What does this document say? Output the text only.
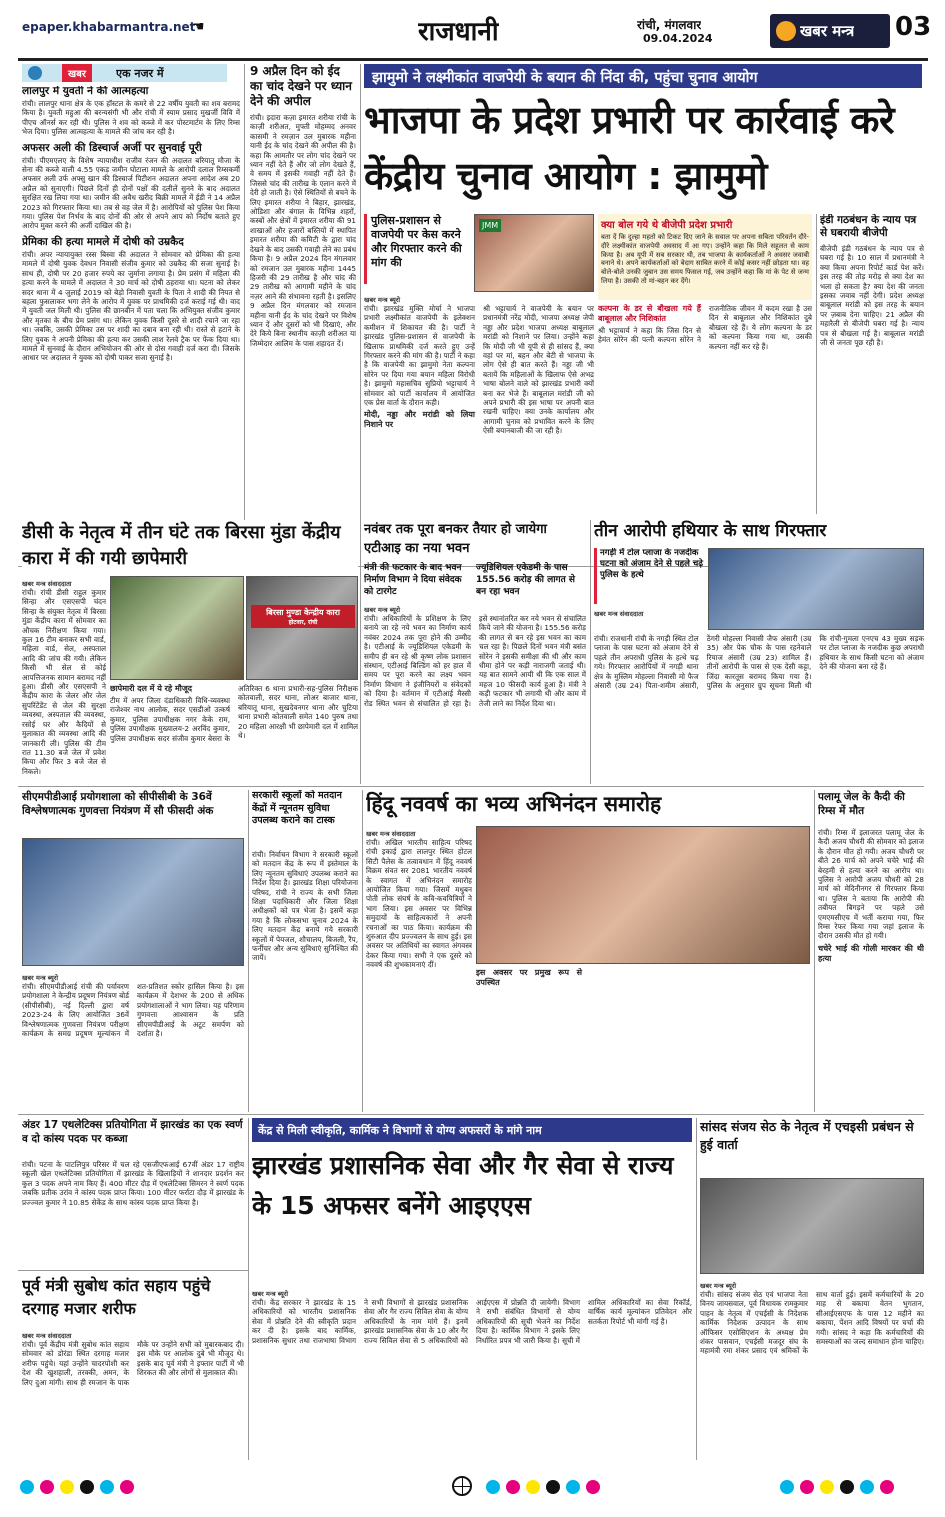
epaper.khabarmantra.net
☚	राजधानी	रांची, मंगलवार
09.04.2024	खबर मन्त्र 03
खबर	एक नजर में
लालपुर में युवती ने की आत्महत्या
रांची। लालपुर थाना क्षेत्र के एक हॉस्टल के कमरे से 22 वर्षीय युवती का शव बरामद किया है। युवती महुआ की बरन्यसंगी भी और रांची में स्याम प्रसाद मुखर्जी विवि में पीएच ऑनर्स कर रही थी। पुलिस ने शव को कब्जे में कर पोस्टमार्टम के लिए रिम्स भेज दिया। पुलिस आत्महत्या के मामले की जांच कर रही है।
अफसर अली की डिस्चार्ज अर्जी पर सुनवाई पूरी
रांची। पीएमएलए के विशेष न्यायाधीश राजीव रंजन की अदालत बरियातू मौजा के सेना की कब्जे वाली 4.55 एकड़ जमीन घोटाला मामले के आरोपी दलाल रिम्सकर्मी अफसर अली उर्फ अफ्सु खान की डिस्चार्ज पिटीशन अदालत अपना आदेश अब 20 अप्रैल को सुनाएगी। पिछले दिनों ही दोनों पक्षों की दलीलें सुनने के बाद अदालत सुरक्षित रख लिया गया था। जमीन की अवैध खरीद बिक्री मामले में ईडी ने 14 अप्रैल 2023 को गिरफ्तार किया था। तब से वह जेल में है। आरोपियों को पुलिस पेश किया गया। पुलिस पेश निर्भय के बाद दोनों की ओर से अपने आप को निर्दोष बताते हुए आरोप मुक्त करने की अर्जी दाखिल की है।
प्रेमिका की हत्या मामले में दोषी को उम्रकैद
रांची। अपर न्यायायुक्त रस्स बिस्वा की अदालत ने सोमवार को प्रेमिका की हत्या मामले में दोषी युवक देवधन निवासी संजीव कुमार को उम्रकैद की सजा सुनाई है। साथ ही, दोषी पर 20 हजार रुपये का जुर्माना लगाया है। प्रेम प्रसंग में महिला की हत्या करने के मामले में अदालत ने 30 मार्च को दोषी ठहराया था। घटना को लेकर सदर थाना में 4 जुलाई 2019 को बेड़ो निवासी युवती के पिता ने शादी की नियत से बहला फुसलाकर भगा लेने के आरोप में युवक पर प्राथमिकी दर्ज कराई गई थी। वाद में युवती जल मिली थी। पुलिस की छानबीन में पता चला कि अभियुक्त संजीव कुमार और मृतका के बीच प्रेम प्रसंग था। लेकिन युवक किसी दूसरे से शादी रचाने जा रहा था। जबकि, उसकी प्रेमिका उस पर शादी का दबाव बना रही थी। रास्ते से हटाने के लिए युवक ने अपनी प्रेमिका की हत्या कर उसकी लाश रेलवे ट्रैक पर फेंक दिया था। मामले में सुनवाई के दौरान अभियोजन की ओर से दोस गवाही दर्ज करा दी। जिसके आधार पर अदालत ने युवक को दोषी पाकर सजा सुनाई है।
9 अप्रैल दिन को ईद का चांद देखने पर ध्यान देने की अपील
रांची। इदारा कज़ा इमारत शरीया रांची के काज़ी शरीअत, मुफ्ती मोहम्मद अनवर कासमी ने रमज़ान उल मुबारक महीना यानी ईद के चांद देखने की अपील की है। कहा कि आमतौर पर लोग चांद देखने पर ध्यान नहीं देते हैं और जो लोग देखते हैं, वे समय में इसकी गवाही नहीं देते हैं। जिससे चांद की तारीख के एलान करने में देरी हो जाती है। ऐसे स्थितियों से बचने के लिए इमारत शरीया ने बिहार, झारखंड, ओडिशा और बंगाल के विभिन्न शहरों, कस्बों और क्षेत्रों में इमारत शरीया की 91 शाखाओं और हजारों बस्तियों में स्थापित इमारत शरीया की कमिटी के द्वारा चांद देखने के बाद उसकी गवाही लेने का प्रबंध किया है। 9 अप्रैल 2024 दिन मंगलवार को रमजान उल मुबारक महीना 1445 हिजरी की 29 तारीख है और चांद की 29 तारीख को आगामी महीने के चांद नज़र आने की संभावना रहती है। इसलिए 9 अप्रैल दिन मंगलवार को रमजान महीना यानी ईद के चांद देखने पर विशेष ध्यान दें और दूसरों को भी दिखाएं, और देरे किये बिना स्थानीय काज़ी शरीअत या जिम्मेदार आलिम के पास शहादत दें।
झामुमो ने लक्ष्मीकांत वाजपेयी के बयान की निंदा की, पहुंचा चुनाव आयोग
भाजपा के प्रदेश प्रभारी पर कार्रवाई करे केंद्रीय चुनाव आयोग : झामुमो
पुलिस-प्रशासन से वाजपेयी पर केस करने और गिरफ्तार करने की मांग की
JMM
खबर मन्त्र ब्यूरो
रांची। झारखंड मुक्ति मोर्चा ने भाजपा प्रभारी लक्ष्मीकांत वाजपेयी के इलेक्शन कमीशन में शिकायत की है। पार्टी ने झारखंड पुलिस-प्रशासन से वाजपेयी के खिलाफ प्राथमिकी दर्ज करते हुए उन्हें गिरफ्तार करने की मांग की है। पार्टी ने कहा है कि वाजपेयी का झामुमो नेता कल्पना सोरेन पर दिया गया बयान महिला विरोधी है। झामुमो महासचिव सुप्रियो भट्टाचार्य ने सोमवार को पार्टी कार्यालय में आयोजित एक प्रेस वार्ता के दौरान कही।
मोदी, नड्डा और मरांडी को लिया निशाने पर
श्री भट्टाचार्य ने वाजपेयी के बयान पर प्रधानमंत्री नरेंद्र मोदी, भाजपा अध्यक्ष जेपी नड्डा और प्रदेश भाजपा अध्यक्ष बाबूलाल मरांडी को निशाने पर लिया। उन्होंने कहा कि मोदी जी भी यूपी से ही सांसद हैं, क्या वहां पर मां, बहन और बेटी से भाजपा के लोग ऐसे ही बात करते हैं। नड्डा जी भी बतायें कि महिलाओं के खिलाफ ऐसे अभद्र भाषा बोलने वाले को झारखंड प्रभारी क्यों बना कर भेजे हैं। बाबूलाल मरांडी जी को अपने प्रभारी की इस भाषा पर अपनी बात रखनी चाहिए। क्या उनके कार्यालय और आगामी चुनाव को प्रभावित करने के लिए ऐसी बयानबाजी की जा रही है।
क्या बोल गये थे बीजेपी प्रदेश प्रभारी
बता दें कि दुल्हा महतो को टिकट दिए जाने के सवाल पर अपना सबिता परिवर्तन दौरे-दौरे लक्ष्मीकांत वाजपेयी अवसाद में आ गए। उन्होंने कहा कि मिले सहूलत से काम किया है। अब यूपी में सब सरकार थी, तब भाजपा के कार्यकर्ताओं ने अवसर जवाबी बनाने थे। अपने कार्यकर्ताओं को बेदाग साबित करने में कोई कसर नहीं छोड़ता था। वह बोले-बोले उनकी जुबान उस समय फिसल गई, जब उन्होंने कहा कि मां के पेट से जन्म लिया है। उसकी तो मां-बहन कर देंगे।
कल्पना के डर से बौखला गये हैं बाबूलाल और निशिकांत
श्री भट्टाचार्य ने कहा कि जिस दिन से हेमंत सोरेन की पत्नी कल्पना सोरेन ने राजनीतिक जीवन में कदम रखा है उस दिन से बाबूलाल और निशिकांत दुबे बौखला रहे हैं। ये लोग कल्पना के डर को कल्पना किया गया था, उसकी कल्पना नहीं कर रहे हैं।
इंडी गठबंधन के न्याय पत्र से घबरायी बीजेपी
बीजेपी इंडी गठबंधन के न्याय पत्र से घबरा गई है। 10 साल में प्रधानमंत्री ने क्या किया अपना रिपोर्ट कार्ड पेश करें। इस तरह की तोड़ मरोड़ से क्या देश का भला हो सकता है? क्या देश की जनता इसका जवाब नहीं देगी। प्रदेश अध्यक्ष बाबूलाल मरांडी को इस तरह के बयान पर ज़बाब देना चाहिए। 21 अप्रैल की महारैली से बीजेपी घबरा गई है। न्याय पत्र से बौखला गई है। बाबूलाल मरांडी जी से जनता पूछ रही है।
डीसी के नेतृत्व में तीन घंटे तक बिरसा मुंडा केंद्रीय कारा में की गयी छापेमारी
खबर मन्त्र संवाददाता
बिरसा मुण्डा केन्द्रीय कारा
होटवार, रांची
रांची। रांची डीसी राहुल कुमार सिन्हा और एसएसपी चंदन सिन्हा के संयुक्त नेतृत्व में बिरसा मुंडा केंद्रीय कारा में सोमवार का औचक निरीक्षण किया गया। कुल 16 टीम बनाकर सभी वार्ड, महिला वार्ड, सेल, अस्पताल आदि की जांच की गयी। लेकिन किसी भी सेल से कोई आपत्तिजनक सामान बरामद नहीं हुआ। डीसी और एसएसपी ने केंद्रीय कारा के जेलर और जेल सुपरिंटेंडेंट से जेल की सुरक्षा व्यवस्था, अस्पताल की व्यवस्था, रसोई घर और कैदियों से मुलाकात की व्यवस्था आदि की जानकारी ली। पुलिस की टीम रात 11.30 बजे जेल में प्रवेश किया और फिर 3 बजे जेल से निकले।
छापेमारी दल में ये रहे मौजूद
टीम में अपर जिला दंडाधिकारी विधि-व्यवस्था राजेश्वर नाथ आलोक, सदर एसडीओ उत्कर्ष कुमार, पुलिस उपाधीक्षक नगर केके राम, पुलिस उपाधीक्षक मुख्यालय-2 अरविंद कुमार, पुलिस उपाधीक्षक सदर संजीव कुमार बेसरा के अतिरिक्त 6 थाना प्रभारी-सह-पुलिस निरीक्षक कोतवाली, सदर थाना, लोअर बाजार थाना, बरियातू थाना, सुखदेवनगर थाना और चुटिया थाना प्रभारी कोतवाली समेत 140 पुरुष तथा 20 महिला आरक्षी भी छापेमारी दल में शामिल थे।
नवंबर तक पूरा बनकर तैयार हो जायेगा एटीआइ का नया भवन
मंत्री की फटकार के बाद भवन निर्माण विभाग ने दिया संवेदक को टारगेट
ज्यूडिशियल एकेडमी के पास 155.56 करोड़ की लागत से बन रहा भवन
खबर मन्त्र ब्यूरो
रांची। अधिकारियों के प्रशिक्षण के लिए बनाये जा रहे नये भवन का निर्माण कार्य नवंबर 2024 तक पूरा होने की उम्मीद है। एटीआई के ज्यूडिशियल एकेडमी के समीप ही बन रहे श्री कृष्ण लोक प्रशासन संस्थान, एटीआई बिल्डिंग को हर हाल में समय पर पूरा करने का लक्ष्य भवन निर्माण विभाग ने इंजीनियरों व संवेदकों को दिया है। वर्तमान में एटीआई मैस्सी रोड स्थित भवन से संचालित हो रहा है। इसे स्थानांतरित कर नये भवन से संचालित किये जाने की योजना है। 155.56 करोड़ की लागत से बन रहे इस भवन का काम चल रहा है। पिछले दिनों भवन मंत्री बसंत सोरेन ने इसकी समीक्षा की थी और काम धीमा होने पर कड़ी नाराजगी जताई थी। यह बात सामने आयी थी कि एक साल में महज 10 फीसदी कार्य हुआ है। मंत्री ने कड़ी फटकार भी लगायी थी और काम में तेजी लाने का निर्देश दिया था।
तीन आरोपी हथियार के साथ गिरफ्तार
नगड़ी में टोल प्लाजा के नजदीक घटना को अंजाम देने से पहले चढ़े पुलिस के हत्थे
खबर मन्त्र संवाददाता
रांची। राजधानी रांची के नगड़ी स्थित टोल प्लाजा के पास घटना को अंजाम देने से पहले तीन अपराधी पुलिस के हत्थे चढ़ गये। गिरफ्तार आरोपियों में नगड़ी थाना क्षेत्र के मुस्लिम मोहल्ला निवासी मो फैज अंसारी (उम्र 24) पिता-शमीम अंसारी, ठेंगरी मोहल्ला निवासी जैफ अंसारी (उम्र 35) और पेक चौक के पास रहनेवाले रियाज अंसारी (उम्र 23) शामिल हैं। तीनों आरोपी के पास से एक देसी कट्टा, जिंदा कारतूस बरामद किया गया है। पुलिस के अनुसार ग्रुप सूचना मिली थी कि रांची-गुमला एनएच 43 मुख्य सड़क पर टोल प्लाजा के नजदीक कुछ अपराधी हथियार के साथ किसी घटना को अंजाम देने की योजना बना रहे हैं।
सीएमपीडीआई प्रयोगशाला को सीपीसीबी के 36वें विश्लेषणात्मक गुणवत्ता नियंत्रण में सौ फीसदी अंक
खबर मन्त्र ब्यूरो
रांची। सीएमपीडीआई रांची की पर्यावरण प्रयोगशाला ने केन्द्रीय प्रदूषण नियंत्रण बोर्ड (सीपीसीबी), नई दिल्ली द्वारा वर्ष 2023-24 के लिए आयोजित 36वें विश्लेषणात्मक गुणवत्ता नियंत्रण परीक्षण कार्यक्रम के समग्र प्रदूषण मूल्यांकन में शत-प्रतिशत स्कोर हासिल किया है। इस कार्यक्रम में देशभर के 200 से अधिक प्रयोगशालाओं ने भाग लिया। यह परिणाम गुणवत्ता आश्वासन के प्रति सीएमपीडीआई के अटूट समर्पण को दर्शाता है।
सरकारी स्कूलों को मतदान केंद्रों में न्यूनतम सुविधा उपलब्ध कराने का टास्क
रांची। निर्वाचन विभाग ने सरकारी स्कूलों को मतदान केंद्र के रूप में इस्तेमाल के लिए न्यूनतम सुविधाएं उपलब्ध कराने का निर्देश दिया है। झारखंड शिक्षा परियोजना परिषद, रांची ने राज्य के सभी जिला शिक्षा पदाधिकारी और जिला शिक्षा अधीक्षकों को पत्र भेजा है। इसमें कहा गया है कि लोकसभा चुनाव 2024 के लिए मतदान केंद्र बनाये गये सरकारी स्कूलों में पेयजल, शौचालय, बिजली, रैंप, फर्नीचर और अन्य सुविधाएं सुनिश्चित की जायें।
हिंदू नववर्ष का भव्य अभिनंदन समारोह
खबर मन्त्र संवाददाता
रांची। अखिल भारतीय साहित्य परिषद रांची इकाई द्वारा लालपुर स्थित होटल सिटी पैलेस के तत्वावधान में हिंदू नववर्ष विक्रम संवत सर 2081 भारतीय नववर्ष के स्वागत में अभिनंदन समारोह आयोजित किया गया। जिसमें मधुबन पोती लोक संघर्ष के कवि-कवयित्रियों ने भाग लिया। इस अवसर पर विभिन्न समुदायों के साहित्यकारों ने अपनी रचनाओं का पाठ किया। कार्यक्रम की शुरुआत दीप प्रज्ज्वलन के साथ हुई। इस अवसर पर अतिथियों का स्वागत अंगवस्त्र देकर किया गया। सभी ने एक दूसरे को नववर्ष की शुभकामनाएं दीं।
इस अवसर पर प्रमुख रूप से उपस्थित
पलामू जेल के कैदी की रिम्स में मौत
रांची। रिम्स में इलाजरत पलामू जेल के कैदी अजय चौधरी की सोमवार को इलाज के दौरान मौत हो गयी। अजय चौधरी पर बीते 26 मार्च को अपने चचेरे भाई की बेरहमी से हत्या करने का आरोप था। पुलिस ने आरोपी अजय चौधरी को 28 मार्च को मेदिनीनगर से गिरफ्तार किया था। पुलिस ने बताया कि आरोपी की तबीयत बिगड़ने पर पहले उसे एमएमसीएच में भर्ती कराया गया, फिर रिम्स रेफर किया गया जहां इलाज के दौरान उसकी मौत हो गयी।
चचेरे भाई की गोली मारकर की थी हत्या
अंडर 17 एथलेटिक्स प्रतियोगिता में झारखंड का एक स्वर्ण व दो कांस्य पदक पर कब्जा
रांची। पटना के पाटलिपुत्र परिसर में चल रहे एसजीएफआई 67वीं अंडर 17 राष्ट्रीय स्कूली खेल एथलेटिक्स प्रतियोगिता में झारखंड के खिलाड़ियों ने शानदार प्रदर्शन कर कुल 3 पदक अपने नाम किए हैं। 400 मीटर दौड़ में एथलेटिक्स सिमरन ने स्वर्ण पदक जबकि प्रतीक उरांव ने कांस्य पदक प्राप्त किया। 100 मीटर फर्राटा दौड़ में झारखंड के प्रज्ज्वल कुमार ने 10.85 सेकेंड के साथ कांस्य पदक प्राप्त किया है।
पूर्व मंत्री सुबोध कांत सहाय पहुंचे दरगाह मजार शरीफ
खबर मन्त्र संवाददाता
रांची। पूर्व केंद्रीय मंत्री सुबोध कांत सहाय सोमवार को डोरंडा स्थित दरगाह मजार शरीफ पहुंचे। यहां उन्होंने चादरपोशी कर देश की खुशहाली, तरक्की, अमन, के लिए दुआ मांगी। साथ ही रमजान के पाक मौके पर उन्होंने सभी को मुबारकबाद दी। इस मौके पर आलोक दुबे भी मौजूद थे। इसके बाद पूर्व मंत्री ने इफ्तार पार्टी में भी शिरकत की और लोगों से मुलाकात की।
केंद्र से मिली स्वीकृति, कार्मिक ने विभागों से योग्य अफसरों के मांगे नाम
झारखंड प्रशासनिक सेवा और गैर सेवा से राज्य के 15 अफसर बनेंगे आइएएस
खबर मन्त्र ब्यूरो
रांची। केंद्र सरकार ने झारखंड के 15 अधिकारियों को भारतीय प्रशासनिक सेवा में प्रोन्नति देने की स्वीकृति प्रदान कर दी है। इसके बाद कार्मिक, प्रशासनिक सुधार तथा राजभाषा विभाग ने सभी विभागों से झारखंड प्रशासनिक सेवा और गैर राज्य सिविल सेवा के योग्य अधिकारियों के नाम मांगे हैं। इनमें झारखंड प्रशासनिक सेवा के 10 और गैर राज्य सिविल सेवा से 5 अधिकारियों को आईएएस में प्रोन्नति दी जायेगी। विभाग ने सभी संबंधित विभागों से योग्य अधिकारियों की सूची भेजने का निर्देश दिया है। कार्मिक विभाग ने इसके लिए निर्धारित प्रपत्र भी जारी किया है। सूची में शामिल अधिकारियों का सेवा रिकॉर्ड, वार्षिक कार्य मूल्यांकन प्रतिवेदन और सतर्कता रिपोर्ट भी मांगी गई है।
सांसद संजय सेठ के नेतृत्व में एचइसी प्रबंधन से हुई वार्ता
खबर मन्त्र ब्यूरो
रांची। सांसद संजय सेठ एवं भाजपा नेता विनय जायसवाल, पूर्व विधायक रामकुमार पाहन के नेतृत्व में एचईसी के निदेशक कार्मिक निदेशक उत्पादन के साथ ऑफिसर एसोसिएशन के अध्यक्ष प्रेम शंकर पासवान, एचईसी मजदूर संघ के महामंत्री रमा शंकर प्रसाद एवं श्रमिकों के साथ वार्ता हुई। इसमें कर्मचारियों के 20 माह से बकाया वेतन भुगतान, सीआईएसएफ के पास 12 महीने का बकाया, पेंशन आदि विषयों पर चर्चा की गयी। सांसद ने कहा कि कर्मचारियों की समस्याओं का जल्द समाधान होना चाहिए।
